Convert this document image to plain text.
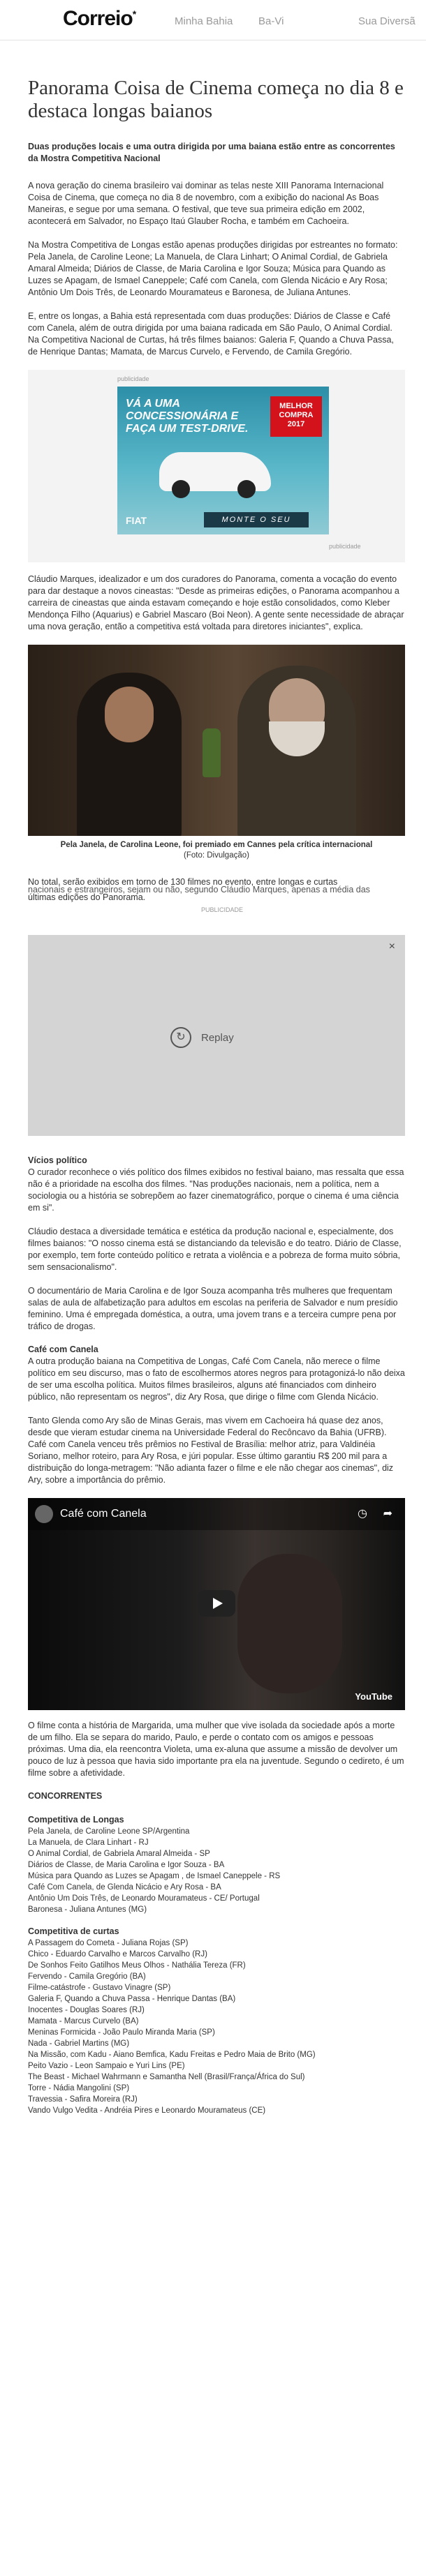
Correio*
Minha Bahia Ba-Vi	Sua Diversã
Panorama Coisa de Cinema começa no dia 8 e destaca longas baianos

Duas produções locais e uma outra dirigida por uma baiana estão entre as concorrentes da Mostra Competitiva Nacional

A nova geração do cinema brasileiro vai dominar as telas neste XIII Panorama Internacional Coisa de Cinema, que começa no dia 8 de novembro, com a exibição do nacional As Boas Maneiras, e segue por uma semana. O festival, que teve sua primeira edição em 2002, acontecerá em Salvador, no Espaço Itaú Glauber Rocha, e também em Cachoeira.

Na Mostra Competitiva de Longas estão apenas produções dirigidas por estreantes no formato: Pela Janela, de Caroline Leone; La Manuela, de Clara Linhart; O Animal Cordial, de Gabriela Amaral Almeida; Diários de Classe, de Maria Carolina e Igor Souza; Música para Quando as Luzes se Apagam, de Ismael Caneppele; Café com Canela, com Glenda Nicácio e Ary Rosa; Antônio Um Dois Três, de Leonardo Mouramateus e Baronesa, de Juliana Antunes.

E, entre os longas, a Bahia está representada com duas produções: Diários de Classe e Café com Canela, além de outra dirigida por uma baiana radicada em São Paulo, O Animal Cordial. Na Competitiva Nacional de Curtas, há três filmes baianos: Galeria F, Quando a Chuva Passa, de Henrique Dantas; Mamata, de Marcus Curvelo, e Fervendo, de Camila Gregório.

publicidade
VÁ A UMA CONCESSIONÁRIA E FAÇA UM TEST-DRIVE.
MELHOR COMPRA 2017
FIAT	MONTE O SEU
publicidade

Cláudio Marques, idealizador e um dos curadores do Panorama, comenta a vocação do evento para dar destaque a novos cineastas: "Desde as primeiras edições, o Panorama acompanhou a carreira de cineastas que ainda estavam começando e hoje estão consolidados, como Kleber Mendonça Filho (Aquarius) e Gabriel Mascaro (Boi Neon). A gente sente necessidade de abraçar uma nova geração, então a competitiva está voltada para diretores iniciantes", explica.

Pela Janela, de Carolina Leone, foi premiado em Cannes pela crítica internacional
(Foto: Divulgação)
No total, serão exibidos em torno de 130 filmes no evento, entre longas e curtas
nacionais e estrangeiros, sejam ou não, segundo Cláudio Marques, apenas a média das
últimas edições do Panorama.
PUBLICIDADE
×
↻	Replay
Vícios político

O curador reconhece o viés político dos filmes exibidos no festival baiano, mas ressalta que essa não é a prioridade na escolha dos filmes. "Nas produções nacionais, nem a política, nem a sociologia ou a história se sobrepõem ao fazer cinematográfico, porque o cinema é uma ciência em si".

Cláudio destaca a diversidade temática e estética da produção nacional e, especialmente, dos filmes baianos: "O nosso cinema está se distanciando da televisão e do teatro. Diário de Classe, por exemplo, tem forte conteúdo político e retrata a violência e a pobreza de forma muito sóbria, sem sensacionalismo".

O documentário de Maria Carolina e de Igor Souza acompanha três mulheres que frequentam salas de aula de alfabetização para adultos em escolas na periferia de Salvador e num presídio feminino. Uma é empregada doméstica, a outra, uma jovem trans e a terceira cumpre pena por tráfico de drogas.

Café com Canela

A outra produção baiana na Competitiva de Longas, Café Com Canela, não merece o filme político em seu discurso, mas o fato de escolhermos atores negros para protagonizá-lo não deixa de ser uma escolha política. Muitos filmes brasileiros, alguns até financiados com dinheiro público, não representam os negros", diz Ary Rosa, que dirige o filme com Glenda Nicácio.

Tanto Glenda como Ary são de Minas Gerais, mas vivem em Cachoeira há quase dez anos, desde que vieram estudar cinema na Universidade Federal do Recôncavo da Bahia (UFRB). Café com Canela venceu três prêmios no Festival de Brasília: melhor atriz, para Valdinéia Soriano, melhor roteiro, para Ary Rosa, e júri popular. Esse último garantiu R$ 200 mil para a distribuição do longa-metragem: "Não adianta fazer o filme e ele não chegar aos cinemas", diz Ary, sobre a importância do prêmio.

Café com Canela	◷ ➦
YouTube

O filme conta a história de Margarida, uma mulher que vive isolada da sociedade após a morte de um filho. Ela se separa do marido, Paulo, e perde o contato com os amigos e pessoas próximas. Uma dia, ela reencontra Violeta, uma ex-aluna que assume a missão de devolver um pouco de luz à pessoa que havia sido importante pra ela na juventude. Segundo o cedireto, é um filme sobre a afetividade.

CONCORRENTES
Competitiva de Longas
Pela Janela, de Caroline Leone SP/Argentina
La Manuela, de Clara Linhart - RJ
O Animal Cordial, de Gabriela Amaral Almeida - SP
Diários de Classe, de Maria Carolina e Igor Souza - BA
Música para Quando as Luzes se Apagam , de Ismael Caneppele - RS
Café Com Canela, de Glenda Nicácio e Ary Rosa - BA
Antônio Um Dois Três, de Leonardo Mouramateus - CE/ Portugal
Baronesa - Juliana Antunes (MG)
Competitiva de curtas
A Passagem do Cometa - Juliana Rojas (SP)
Chico - Eduardo Carvalho e Marcos Carvalho (RJ)
De Sonhos Feito Gatilhos Meus Olhos - Nathália Tereza (FR)
Fervendo - Camila Gregório (BA)
Filme-catástrofe - Gustavo Vinagre (SP)
Galeria F, Quando a Chuva Passa - Henrique Dantas (BA)
Inocentes - Douglas Soares (RJ)
Mamata - Marcus Curvelo (BA)
Meninas Formicida - João Paulo Miranda Maria (SP)
Nada - Gabriel Martins (MG)
Na Missão, com Kadu - Aiano Bemfica, Kadu Freitas e Pedro Maia de Brito (MG)
Peito Vazio - Leon Sampaio e Yuri Lins (PE)
The Beast - Michael Wahrmann e Samantha Nell (Brasil/França/África do Sul)
Torre - Nádia Mangolini (SP)
Travessia - Safira Moreira (RJ)
Vando Vulgo Vedita - Andréia Pires e Leonardo Mouramateus (CE)
